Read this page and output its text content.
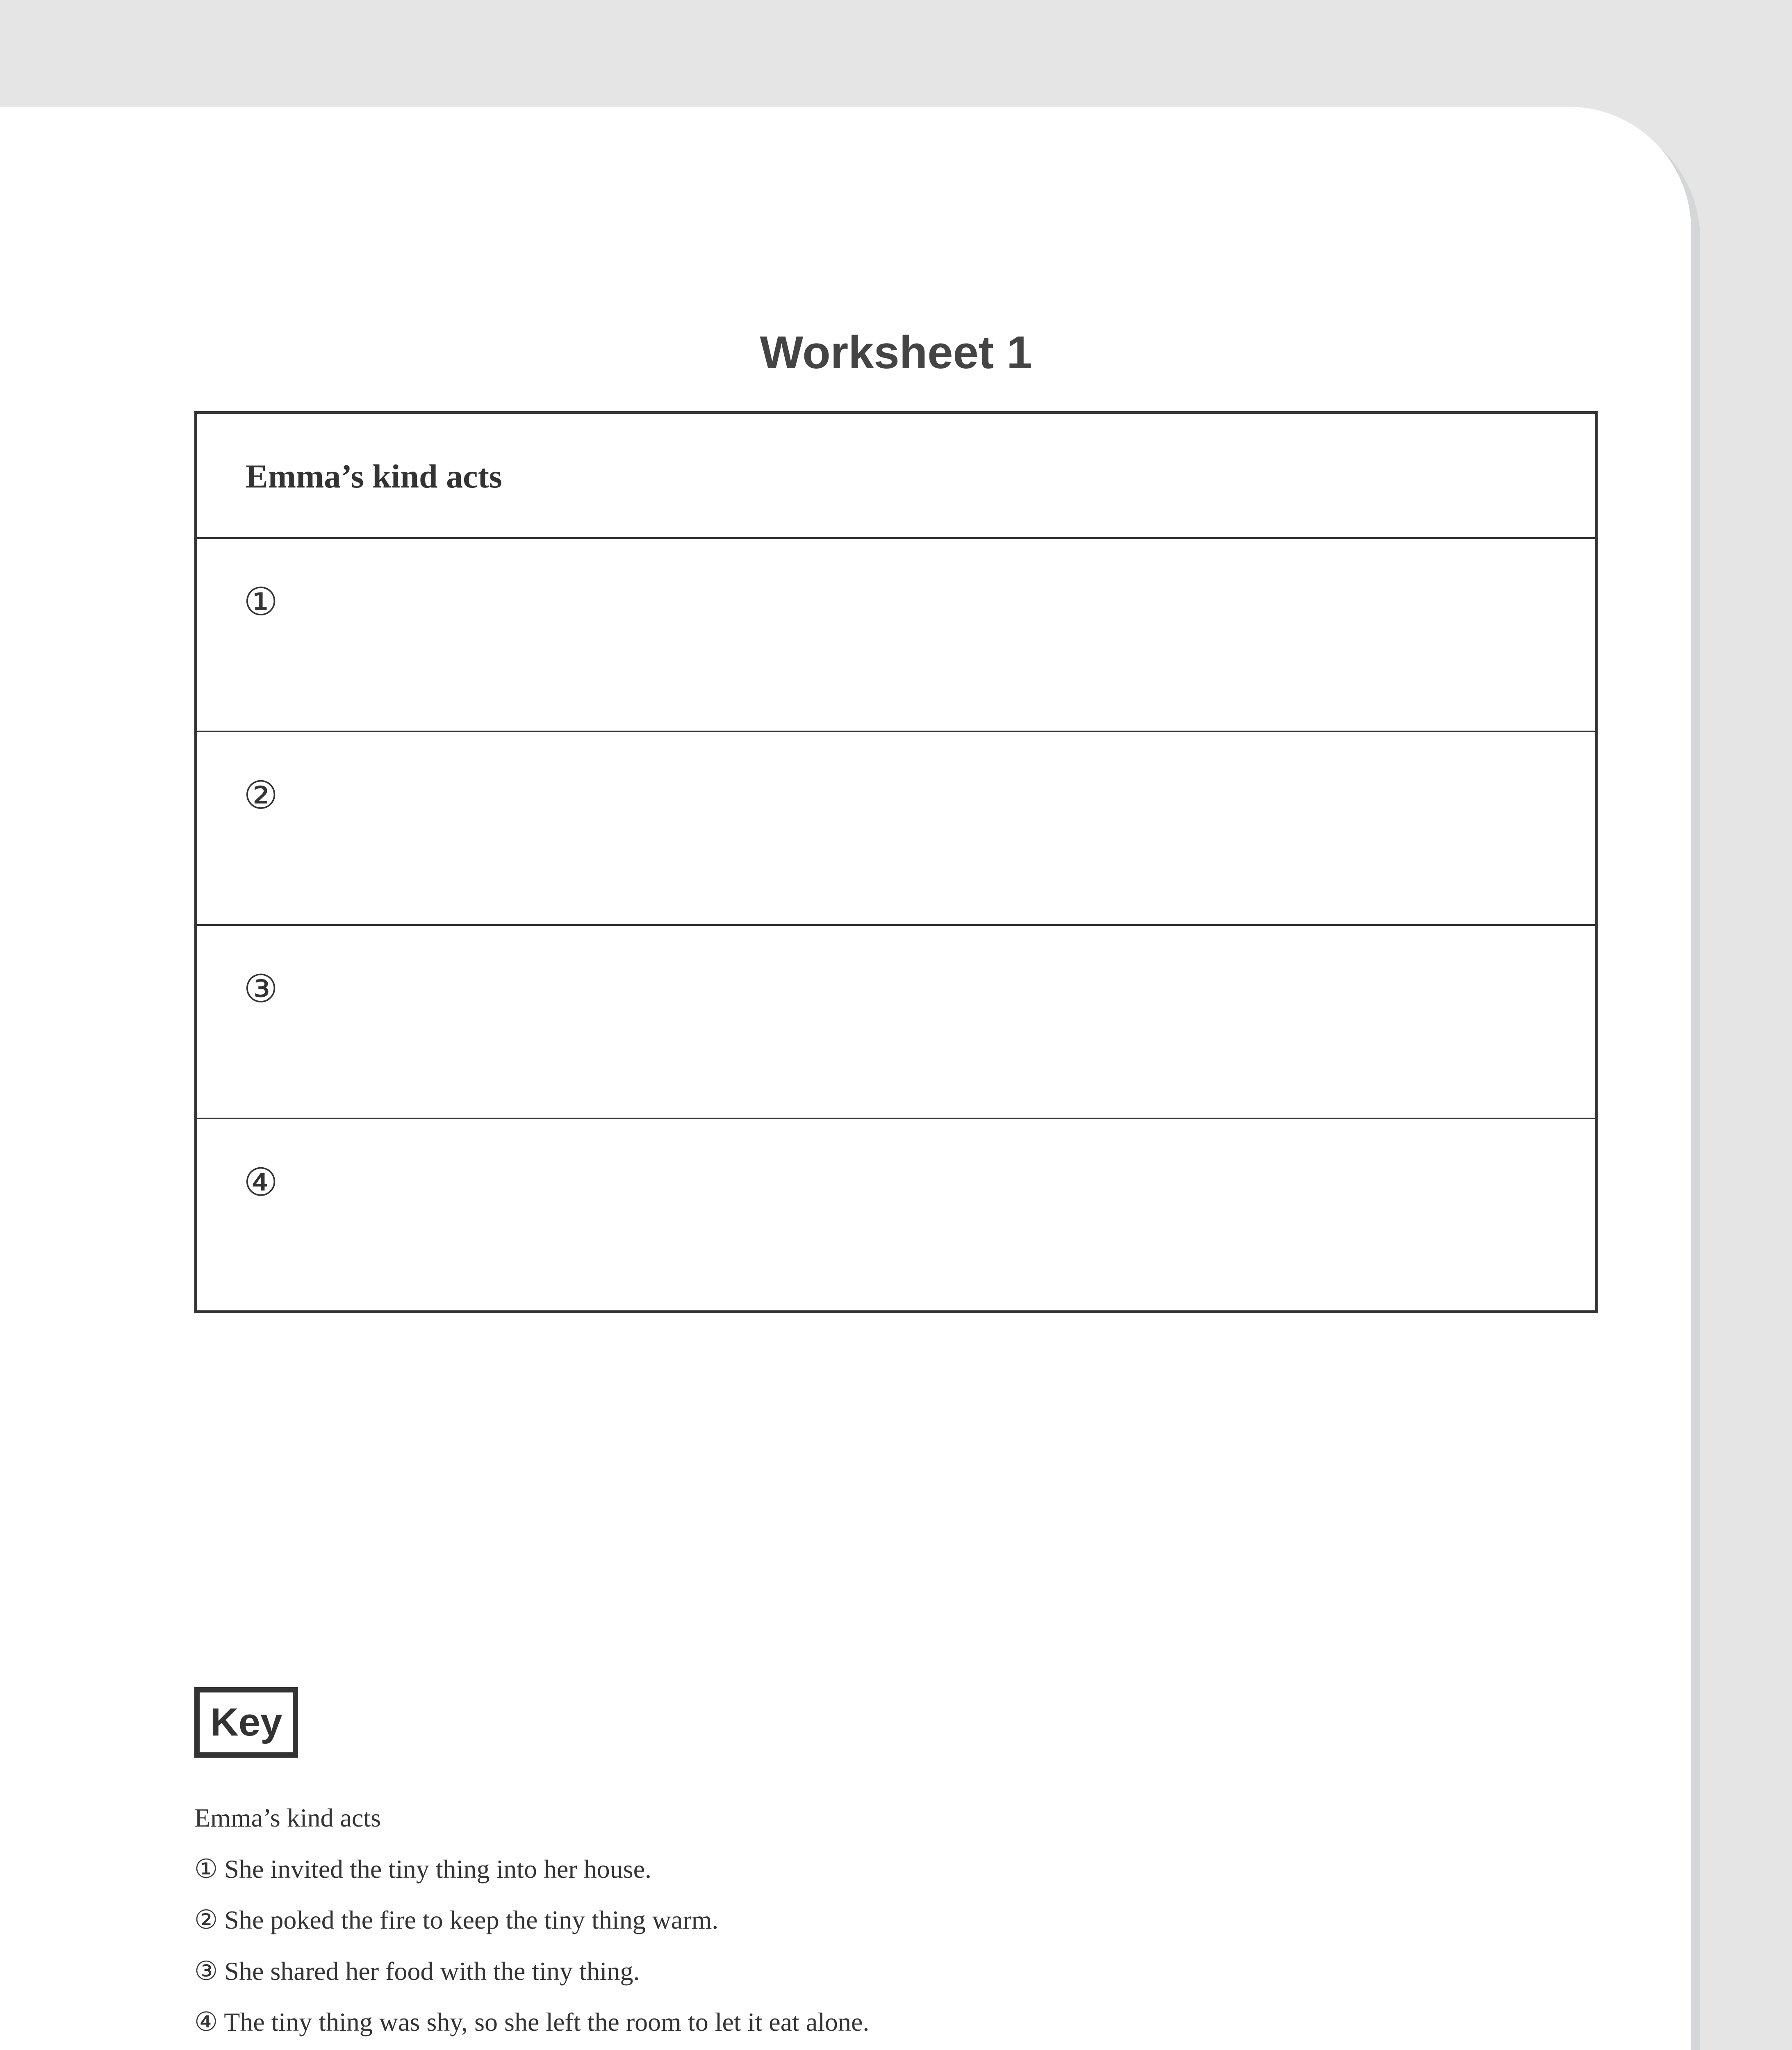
Worksheet 1
Emma’s kind acts
①
②
③
④
Key
Emma’s kind acts
① She invited the tiny thing into her house.
② She poked the fire to keep the tiny thing warm.
③ She shared her food with the tiny thing.
④ The tiny thing was shy, so she left the room to let it eat alone.
